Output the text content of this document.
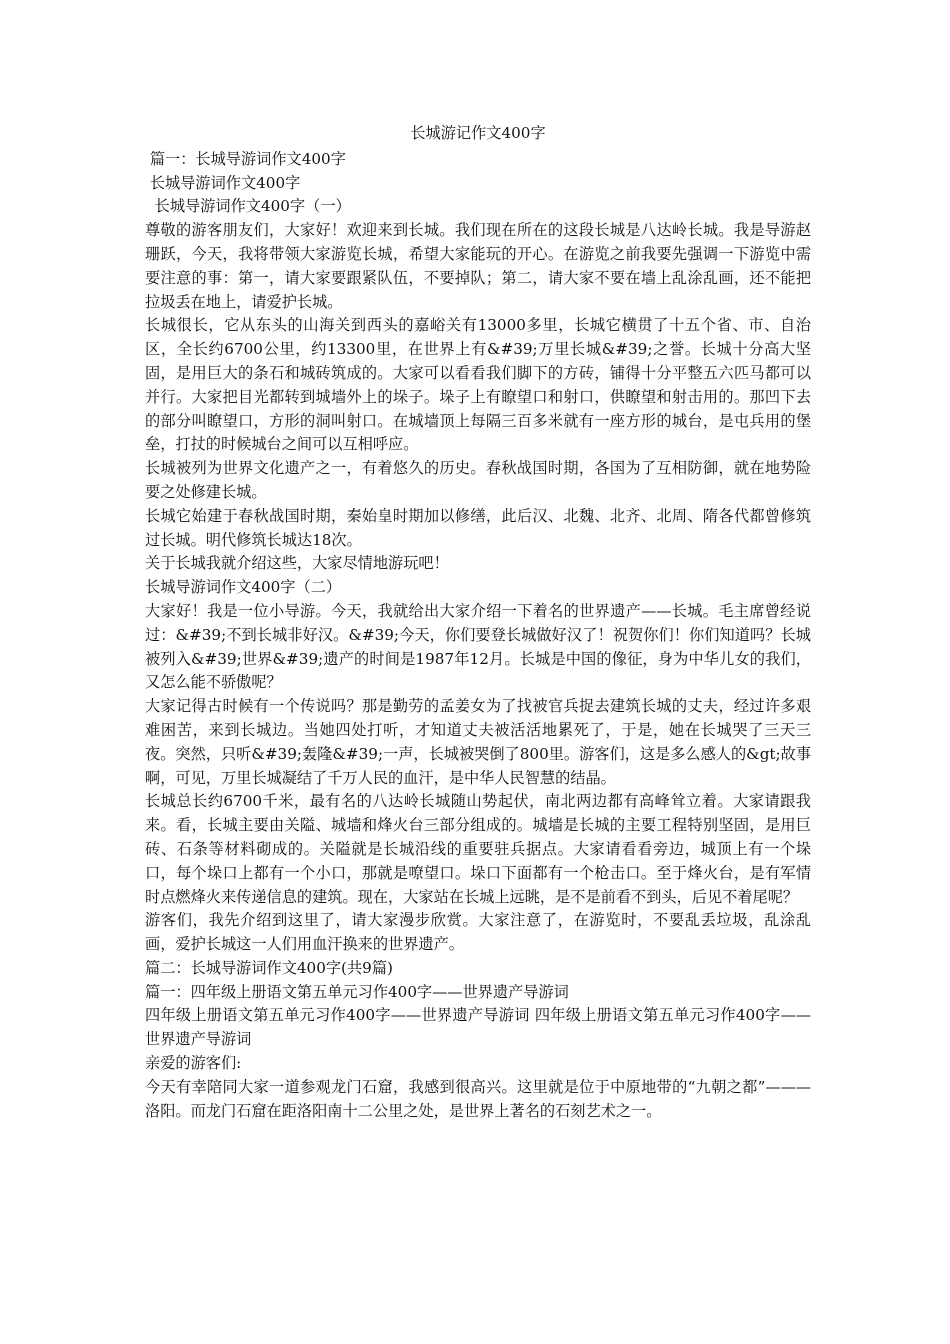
长城游记作文400字

篇一：长城导游词作文400字

长城导游词作文400字

长城导游词作文400字（一）

尊敬的游客朋友们，大家好！欢迎来到长城。我们现在所在的这段长城是八达岭长城。我是导游赵珊跃，今天，我将带领大家游览长城，希望大家能玩的开心。在游览之前我要先强调一下游览中需要注意的事：第一，请大家要跟紧队伍，不要掉队；第二，请大家不要在墙上乱涂乱画，还不能把拉圾丢在地上，请爱护长城。

长城很长，它从东头的山海关到西头的嘉峪关有13000多里，长城它横贯了十五个省、市、自治区，全长约6700公里，约13300里，在世界上有&#39;万里长城&#39;之誉。长城十分高大坚固，是用巨大的条石和城砖筑成的。大家可以看看我们脚下的方砖，铺得十分平整五六匹马都可以并行。大家把目光都转到城墙外上的垛子。垛子上有瞭望口和射口，供瞭望和射击用的。那凹下去的部分叫瞭望口，方形的洞叫射口。在城墙顶上每隔三百多米就有一座方形的城台，是屯兵用的堡垒，打扙的时候城台之间可以互相呼应。

长城被列为世界文化遗产之一，有着悠久的历史。春秋战国时期，各国为了互相防御，就在地势险要之处修建长城。

长城它始建于春秋战国时期，秦始皇时期加以修缮，此后汉、北魏、北齐、北周、隋各代都曾修筑过长城。明代修筑长城达18次。

关于长城我就介绍这些，大家尽情地游玩吧！

长城导游词作文400字（二）

大家好！我是一位小导游。今天，我就给出大家介绍一下着名的世界遗产——长城。毛主席曾经说过：&#39;不到长城非好汉。&#39;今天，你们要登长城做好汉了！祝贺你们！你们知道吗？长城被列入&#39;世界&#39;遗产的时间是1987年12月。长城是中国的像征，身为中华儿女的我们，又怎么能不骄傲呢？

大家记得古时候有一个传说吗？那是勤劳的孟姜女为了找被官兵捉去建筑长城的丈夫，经过许多艰难困苦，来到长城边。当她四处打听，才知道丈夫被活活地累死了，于是，她在长城哭了三天三夜。突然，只听&#39;轰隆&#39;一声，长城被哭倒了800里。游客们，这是多么感人的&gt;故事啊，可见，万里长城凝结了千万人民的血汗，是中华人民智慧的结晶。

长城总长约6700千米，最有名的八达岭长城随山势起伏，南北两边都有高峰耸立着。大家请跟我来。看，长城主要由关隘、城墙和烽火台三部分组成的。城墙是长城的主要工程特别坚固，是用巨砖、石条等材料砌成的。关隘就是长城沿线的重要驻兵据点。大家请看看旁边，城顶上有一个垛口，每个垛口上都有一个小口，那就是嘹望口。垛口下面都有一个枪击口。至于烽火台，是有军情时点燃烽火来传递信息的建筑。现在，大家站在长城上远眺，是不是前看不到头，后见不着尾呢？

游客们，我先介绍到这里了，请大家漫步欣赏。大家注意了，在游览时，不要乱丢垃圾，乱涂乱画，爱护长城这一人们用血汗换来的世界遗产。

篇二：长城导游词作文400字(共9篇)

篇一：四年级上册语文第五单元习作400字——世界遗产导游词

四年级上册语文第五单元习作400字——世界遗产导游词 四年级上册语文第五单元习作400字——世界遗产导游词

亲爱的游客们:

今天有幸陪同大家一道参观龙门石窟，我感到很高兴。这里就是位于中原地带的“九朝之都”———洛阳。而龙门石窟在距洛阳南十二公里之处，是世界上著名的石刻艺术之一。
